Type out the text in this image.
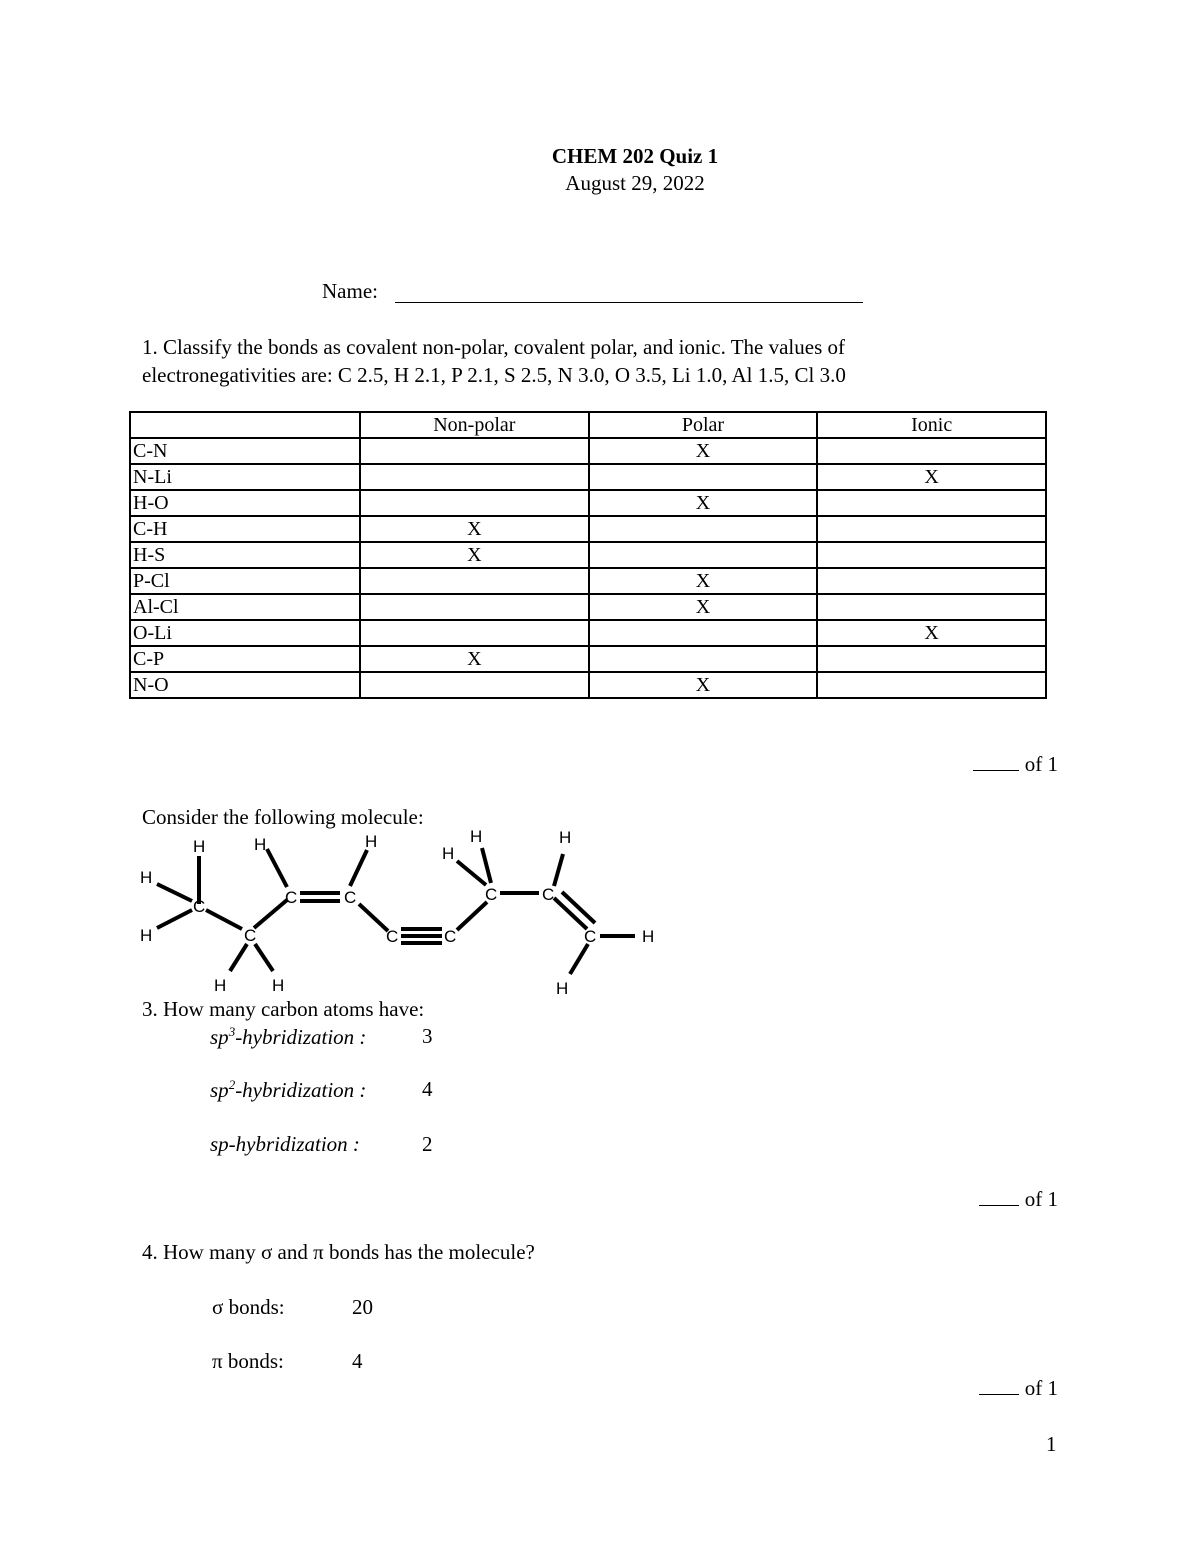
CHEM 202 Quiz 1
August 29, 2022
Name:
1. Classify the bonds as covalent non-polar, covalent polar, and ionic. The values of
electronegativities are: C 2.5, H 2.1, P 2.1, S 2.5, N 3.0, O 3.5, Li 1.0, Al 1.5, Cl 3.0
	Non-polar	Polar	Ionic
C-N		X	
N-Li			X
H-O		X	
C-H	X		
H-S	X		
P-Cl		X	
Al-Cl		X	
O-Li			X
C-P	X		
N-O		X	
of 1
Consider the following molecule:
H
H
H
C
C
H	H
H
C	C
H
C	C
H
H
C	C
H
C	H
H
3. How many carbon atoms have:
$sp^3$-hybridization :	3
$sp^2$-hybridization :	4
sp-hybridization :	2
of 1
4. How many σ and π bonds has the molecule?
σ bonds:	20
π bonds:	4
of 1
1
